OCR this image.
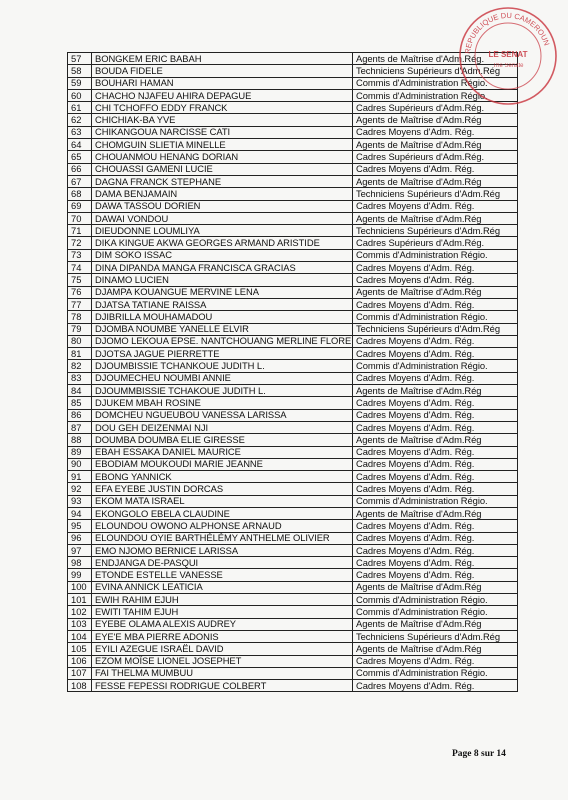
57	BONGKEM ERIC BABAH	Agents de Maîtrise d'Adm.Rég.
58	BOUDA FIDELE	Techniciens Supérieurs d'Adm.Rég
59	BOUHARI HAMAN	Commis d'Administration Régio.
60	CHACHO NJAFEU AHIRA DEPAGUE	Commis d'Administration Régio.
61	CHI TCHOFFO EDDY FRANCK	Cadres Supérieurs d'Adm.Rég.
62	CHICHIAK-BA YVE	Agents de Maîtrise d'Adm.Rég
63	CHIKANGOUA NARCISSE CATI	Cadres Moyens d'Adm. Rég.
64	CHOMGUIN SLIETIA MINELLE	Agents de Maîtrise d'Adm.Rég
65	CHOUANMOU HENANG DORIAN	Cadres Supérieurs d'Adm.Rég.
66	CHOUASSI GAMENI LUCIE	Cadres Moyens d'Adm. Rég.
67	DAGNA FRANCK STEPHANE	Agents de Maîtrise d'Adm.Rég
68	DAMA BENJAMAIN	Techniciens Supérieurs d'Adm.Rég
69	DAWA TASSOU DORIEN	Cadres Moyens d'Adm. Rég.
70	DAWAI VONDOU	Agents de Maîtrise d'Adm.Rég
71	DIEUDONNE LOUMLIYA	Techniciens Supérieurs d'Adm.Rég
72	DIKA KINGUE AKWA GEORGES ARMAND ARISTIDE	Cadres Supérieurs d'Adm.Rég.
73	DIM SOKO ISSAC	Commis d'Administration Régio.
74	DINA DIPANDA MANGA FRANCISCA GRACIAS	Cadres Moyens d'Adm. Rég.
75	DINAMO LUCIEN	Cadres Moyens d'Adm. Rég.
76	DJAMPA KOUANGUE MERVINE LENA	Agents de Maîtrise d'Adm.Rég
77	DJATSA TATIANE RAISSA	Cadres Moyens d'Adm. Rég.
78	DJIBRILLA MOUHAMADOU	Commis d'Administration Régio.
79	DJOMBA NOUMBE YANELLE ELVIR	Techniciens Supérieurs d'Adm.Rég
80	DJOMO LEKOUA EPSE. NANTCHOUANG MERLINE FLORE	Cadres Moyens d'Adm. Rég.
81	DJOTSA JAGUE PIERRETTE	Cadres Moyens d'Adm. Rég.
82	DJOUMBISSIE TCHANKOUE JUDITH L.	Commis d'Administration Régio.
83	DJOUMECHEU NOUMBI ANNIE	Cadres Moyens d'Adm. Rég.
84	DJOUMMBISSIE TCHAKOUE JUDITH L.	Agents de Maîtrise d'Adm.Rég
85	DJUKEM MBAH ROSINE	Cadres Moyens d'Adm. Rég.
86	DOMCHEU NGUEUBOU VANESSA LARISSA	Cadres Moyens d'Adm. Rég.
87	DOU GEH DEIZENMAI NJI	Cadres Moyens d'Adm. Rég.
88	DOUMBA DOUMBA ELIE GIRESSE	Agents de Maîtrise d'Adm.Rég
89	EBAH ESSAKA DANIEL MAURICE	Cadres Moyens d'Adm. Rég.
90	EBODIAM MOUKOUDI MARIE JEANNE	Cadres Moyens d'Adm. Rég.
91	EBONG YANNICK	Cadres Moyens d'Adm. Rég.
92	EFA EYEBE JUSTIN DORCAS	Cadres Moyens d'Adm. Rég.
93	EKOM MATA ISRAEL	Commis d'Administration Régio.
94	EKONGOLO EBELA CLAUDINE	Agents de Maîtrise d'Adm.Rég
95	ELOUNDOU OWONO ALPHONSE ARNAUD	Cadres Moyens d'Adm. Rég.
96	ELOUNDOU OYIE BARTHÉLÉMY ANTHELME OLIVIER	Cadres Moyens d'Adm. Rég.
97	EMO NJOMO BERNICE LARISSA	Cadres Moyens d'Adm. Rég.
98	ENDJANGA DE-PASQUI	Cadres Moyens d'Adm. Rég.
99	ETONDE ESTELLE VANESSE	Cadres Moyens d'Adm. Rég.
100	EVINA ANNICK LEATICIA	Agents de Maîtrise d'Adm.Rég
101	EWIH RAHIM EJUH	Commis d'Administration Régio.
102	EWITI TAHIM EJUH	Commis d'Administration Régio.
103	EYEBE OLAMA ALEXIS AUDREY	Agents de Maîtrise d'Adm.Rég
104	EYE'E MBA PIERRE ADONIS	Techniciens Supérieurs d'Adm.Rég
105	EYILI AZEGUE ISRAËL DAVID	Agents de Maîtrise d'Adm.Rég
106	EZOM MOÏSE LIONEL JOSEPHET	Cadres Moyens d'Adm. Rég.
107	FAI THELMA MUMBUU	Commis d'Administration Régio.
108	FESSE FEPESSI RODRIGUE COLBERT	Cadres Moyens d'Adm. Rég.
REPUBLIQUE DU CAMEROUN
LE SENAT
The Senate
Page 8 sur 14
